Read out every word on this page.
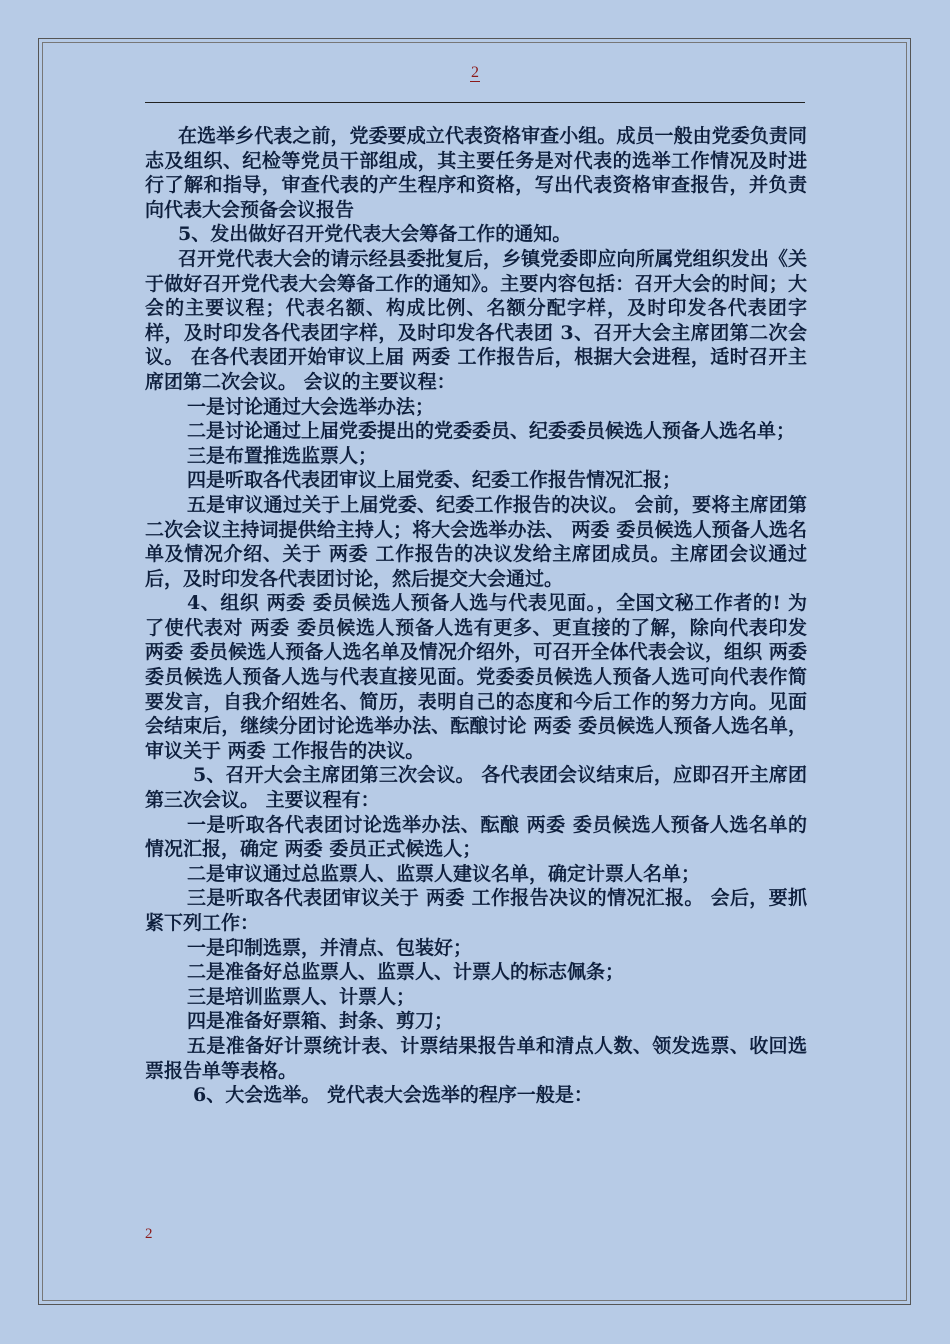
2

在选举乡代表之前，党委要成立代表资格审查小组。成员一般由党委负责同志及组织、纪检等党员干部组成，其主要任务是对代表的选举工作情况及时进行了解和指导，审查代表的产生程序和资格，写出代表资格审查报告，并负责向代表大会预备会议报告

5、发出做好召开党代表大会筹备工作的通知。

召开党代表大会的请示经县委批复后，乡镇党委即应向所属党组织发出《关于做好召开党代表大会筹备工作的通知》。主要内容包括：召开大会的时间；大会的主要议程；代表名额、构成比例、名额分配字样，及时印发各代表团字样，及时印发各代表团字样，及时印发各代表团 3、召开大会主席团第二次会议。 在各代表团开始审议上届 两委 工作报告后，根据大会进程，适时召开主席团第二次会议。 会议的主要议程：

一是讨论通过大会选举办法；

二是讨论通过上届党委提出的党委委员、纪委委员候选人预备人选名单；

三是布置推选监票人；

四是听取各代表团审议上届党委、纪委工作报告情况汇报；

五是审议通过关于上届党委、纪委工作报告的决议。 会前，要将主席团第二次会议主持词提供给主持人；将大会选举办法、 两委 委员候选人预备人选名单及情况介绍、关于 两委 工作报告的决议发给主席团成员。主席团会议通过后，及时印发各代表团讨论，然后提交大会通过。

4、组织 两委 委员候选人预备人选与代表见面。，全国文秘工作者的! 为了使代表对 两委 委员候选人预备人选有更多、更直接的了解，除向代表印发 两委 委员候选人预备人选名单及情况介绍外，可召开全体代表会议，组织 两委 委员候选人预备人选与代表直接见面。党委委员候选人预备人选可向代表作简要发言，自我介绍姓名、简历，表明自己的态度和今后工作的努力方向。见面会结束后，继续分团讨论选举办法、酝酿讨论 两委 委员候选人预备人选名单，审议关于 两委 工作报告的决议。

5、召开大会主席团第三次会议。 各代表团会议结束后，应即召开主席团第三次会议。 主要议程有：

一是听取各代表团讨论选举办法、酝酿 两委 委员候选人预备人选名单的情况汇报，确定 两委 委员正式候选人；

二是审议通过总监票人、监票人建议名单，确定计票人名单；

三是听取各代表团审议关于 两委 工作报告决议的情况汇报。 会后，要抓紧下列工作：

一是印制选票，并清点、包装好；

二是准备好总监票人、监票人、计票人的标志佩条；

三是培训监票人、计票人；

四是准备好票箱、封条、剪刀；

五是准备好计票统计表、计票结果报告单和清点人数、领发选票、收回选票报告单等表格。

6、大会选举。 党代表大会选举的程序一般是：

2
